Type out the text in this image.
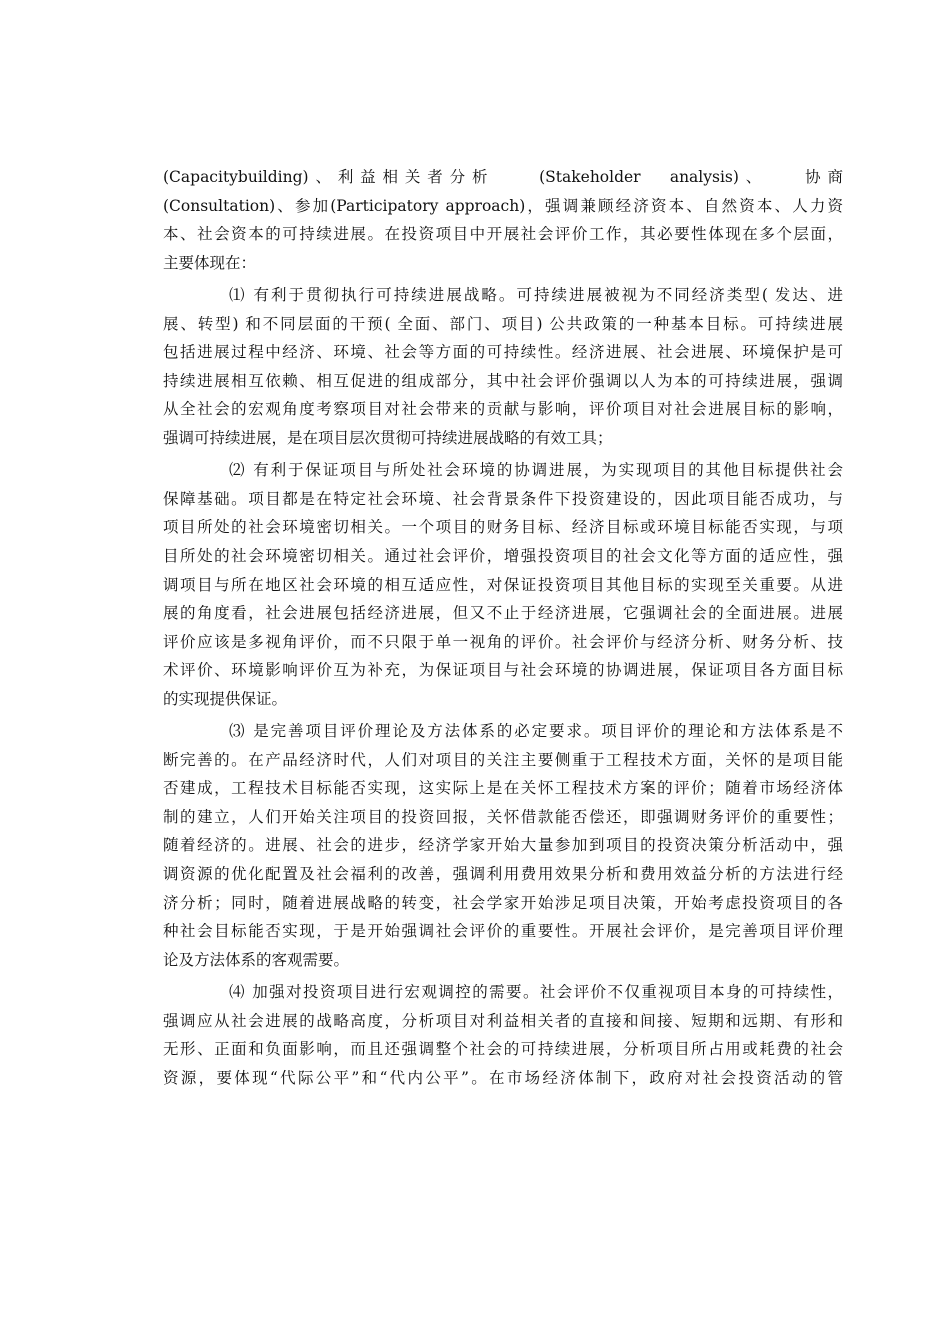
(Capacitybuilding)、利益相关者分析　　(Stakeholder　analysis)、　　协商
(Consultation)、参加(Participatory approach)，强调兼顾经济资本、自然资本、人力资
本、社会资本的可持续进展。在投资项目中开展社会评价工作，其必要性体现在多个层面，
主要体现在：
⑴ 有利于贯彻执行可持续进展战略。可持续进展被视为不同经济类型( 发达、进
展、转型) 和不同层面的干预( 全面、部门、项目) 公共政策的一种基本目标。可持续进展
包括进展过程中经济、环境、社会等方面的可持续性。经济进展、社会进展、环境保护是可
持续进展相互依赖、相互促进的组成部分，其中社会评价强调以人为本的可持续进展，强调
从全社会的宏观角度考察项目对社会带来的贡献与影响，评价项目对社会进展目标的影响，
强调可持续进展，是在项目层次贯彻可持续进展战略的有效工具；
⑵ 有利于保证项目与所处社会环境的协调进展，为实现项目的其他目标提供社会
保障基础。项目都是在特定社会环境、社会背景条件下投资建设的，因此项目能否成功，与
项目所处的社会环境密切相关。一个项目的财务目标、经济目标或环境目标能否实现，与项
目所处的社会环境密切相关。通过社会评价，增强投资项目的社会文化等方面的适应性，强
调项目与所在地区社会环境的相互适应性，对保证投资项目其他目标的实现至关重要。从进
展的角度看，社会进展包括经济进展，但又不止于经济进展，它强调社会的全面进展。进展
评价应该是多视角评价，而不只限于单一视角的评价。社会评价与经济分析、财务分析、技
术评价、环境影响评价互为补充，为保证项目与社会环境的协调进展，保证项目各方面目标
的实现提供保证。
⑶ 是完善项目评价理论及方法体系的必定要求。项目评价的理论和方法体系是不
断完善的。在产品经济时代，人们对项目的关注主要侧重于工程技术方面，关怀的是项目能
否建成，工程技术目标能否实现，这实际上是在关怀工程技术方案的评价；随着市场经济体
制的建立，人们开始关注项目的投资回报，关怀借款能否偿还，即强调财务评价的重要性；
随着经济的。进展、社会的进步，经济学家开始大量参加到项目的投资决策分析活动中，强
调资源的优化配置及社会福利的改善，强调利用费用效果分析和费用效益分析的方法进行经
济分析；同时，随着进展战略的转变，社会学家开始涉足项目决策，开始考虑投资项目的各
种社会目标能否实现，于是开始强调社会评价的重要性。开展社会评价，是完善项目评价理
论及方法体系的客观需要。
⑷ 加强对投资项目进行宏观调控的需要。社会评价不仅重视项目本身的可持续性，
强调应从社会进展的战略高度，分析项目对利益相关者的直接和间接、短期和远期、有形和
无形、正面和负面影响，而且还强调整个社会的可持续进展，分析项目所占用或耗费的社会
资源，要体现“代际公平”和“代内公平”。在市场经济体制下，政府对社会投资活动的管
